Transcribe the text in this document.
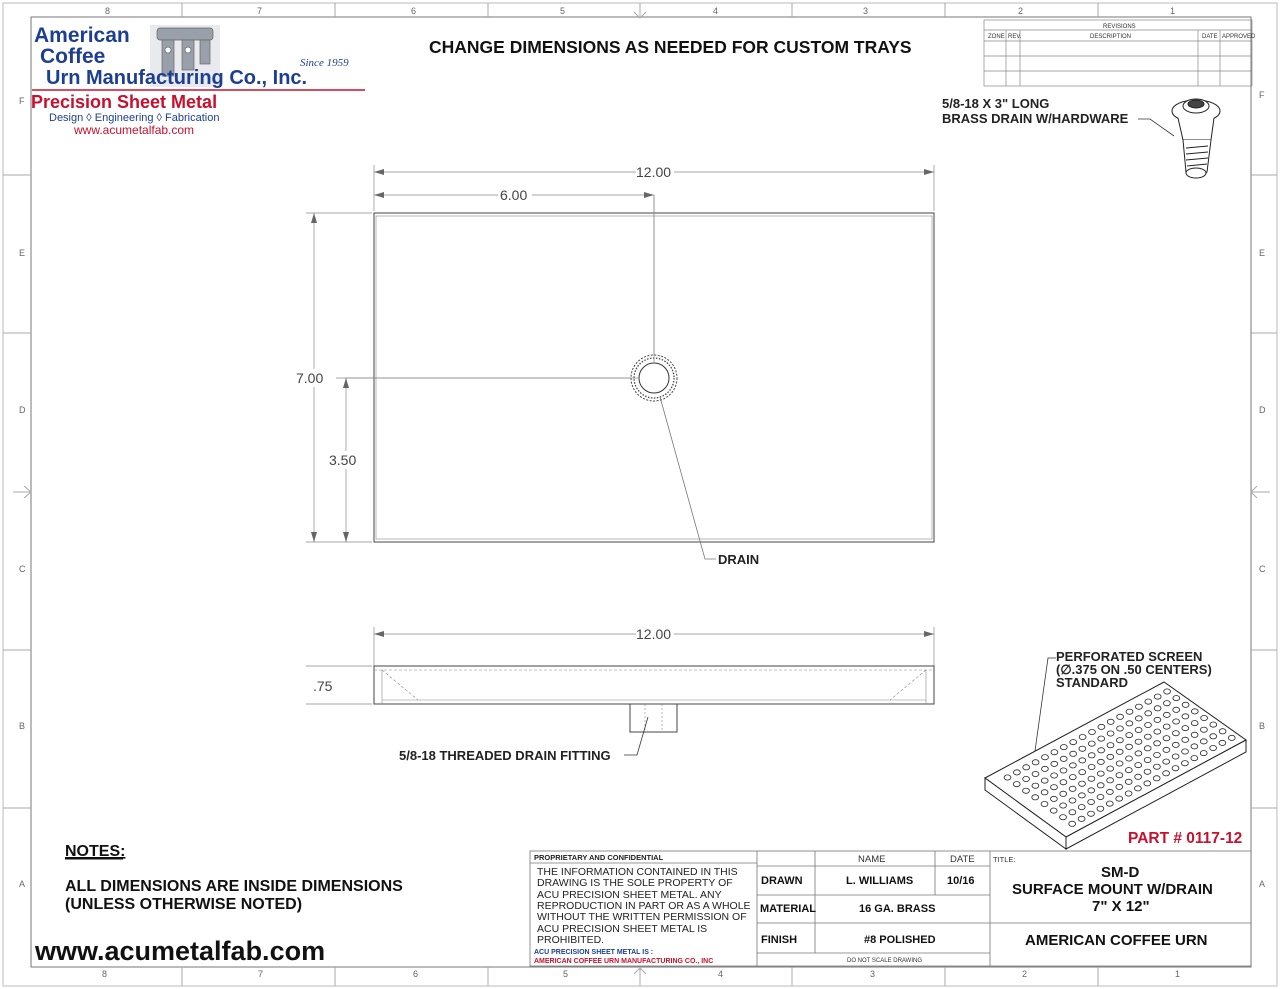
8	7	6	5	4	3	2	1
8	7	6	5	4	3	2	1
F
E
D
C
B
A
F
E
D
C
B
A
American
Coffee
Urn Manufacturing Co., Inc.
Since 1959
Precision Sheet Metal
Design ◊ Engineering ◊ Fabrication
www.acumetalfab.com
CHANGE DIMENSIONS AS NEEDED FOR CUSTOM TRAYS
REVISIONS
ZONE REV.	DESCRIPTION	DATE APPROVED
5/8-18 X 3" LONG
BRASS DRAIN W/HARDWARE
12.00
6.00
7.00
3.50
DRAIN
12.00
.75
5/8-18 THREADED DRAIN FITTING
PERFORATED SCREEN
(∅.375 ON .50 CENTERS)
STANDARD
PART # 0117-12
NOTES:
ALL DIMENSIONS ARE INSIDE DIMENSIONS
(UNLESS OTHERWISE NOTED)
www.acumetalfab.com
PROPRIETARY AND CONFIDENTIAL
THE INFORMATION CONTAINED IN THIS
DRAWING IS THE SOLE PROPERTY OF
ACU PRECISION SHEET METAL. ANY
REPRODUCTION IN PART OR AS A WHOLE
WITHOUT THE WRITTEN PERMISSION OF
ACU PRECISION SHEET METAL IS
PROHIBITED.
ACU PRECISION SHEET METAL IS :
AMERICAN COFFEE URN MANUFACTURING CO., INC
NAME	DATE
DRAWN	L. WILLIAMS	10/16
MATERIAL	16 GA. BRASS
FINISH	#8 POLISHED
DO NOT SCALE DRAWING
TITLE:
SM-D
SURFACE MOUNT W/DRAIN
7" X 12"
AMERICAN COFFEE URN
